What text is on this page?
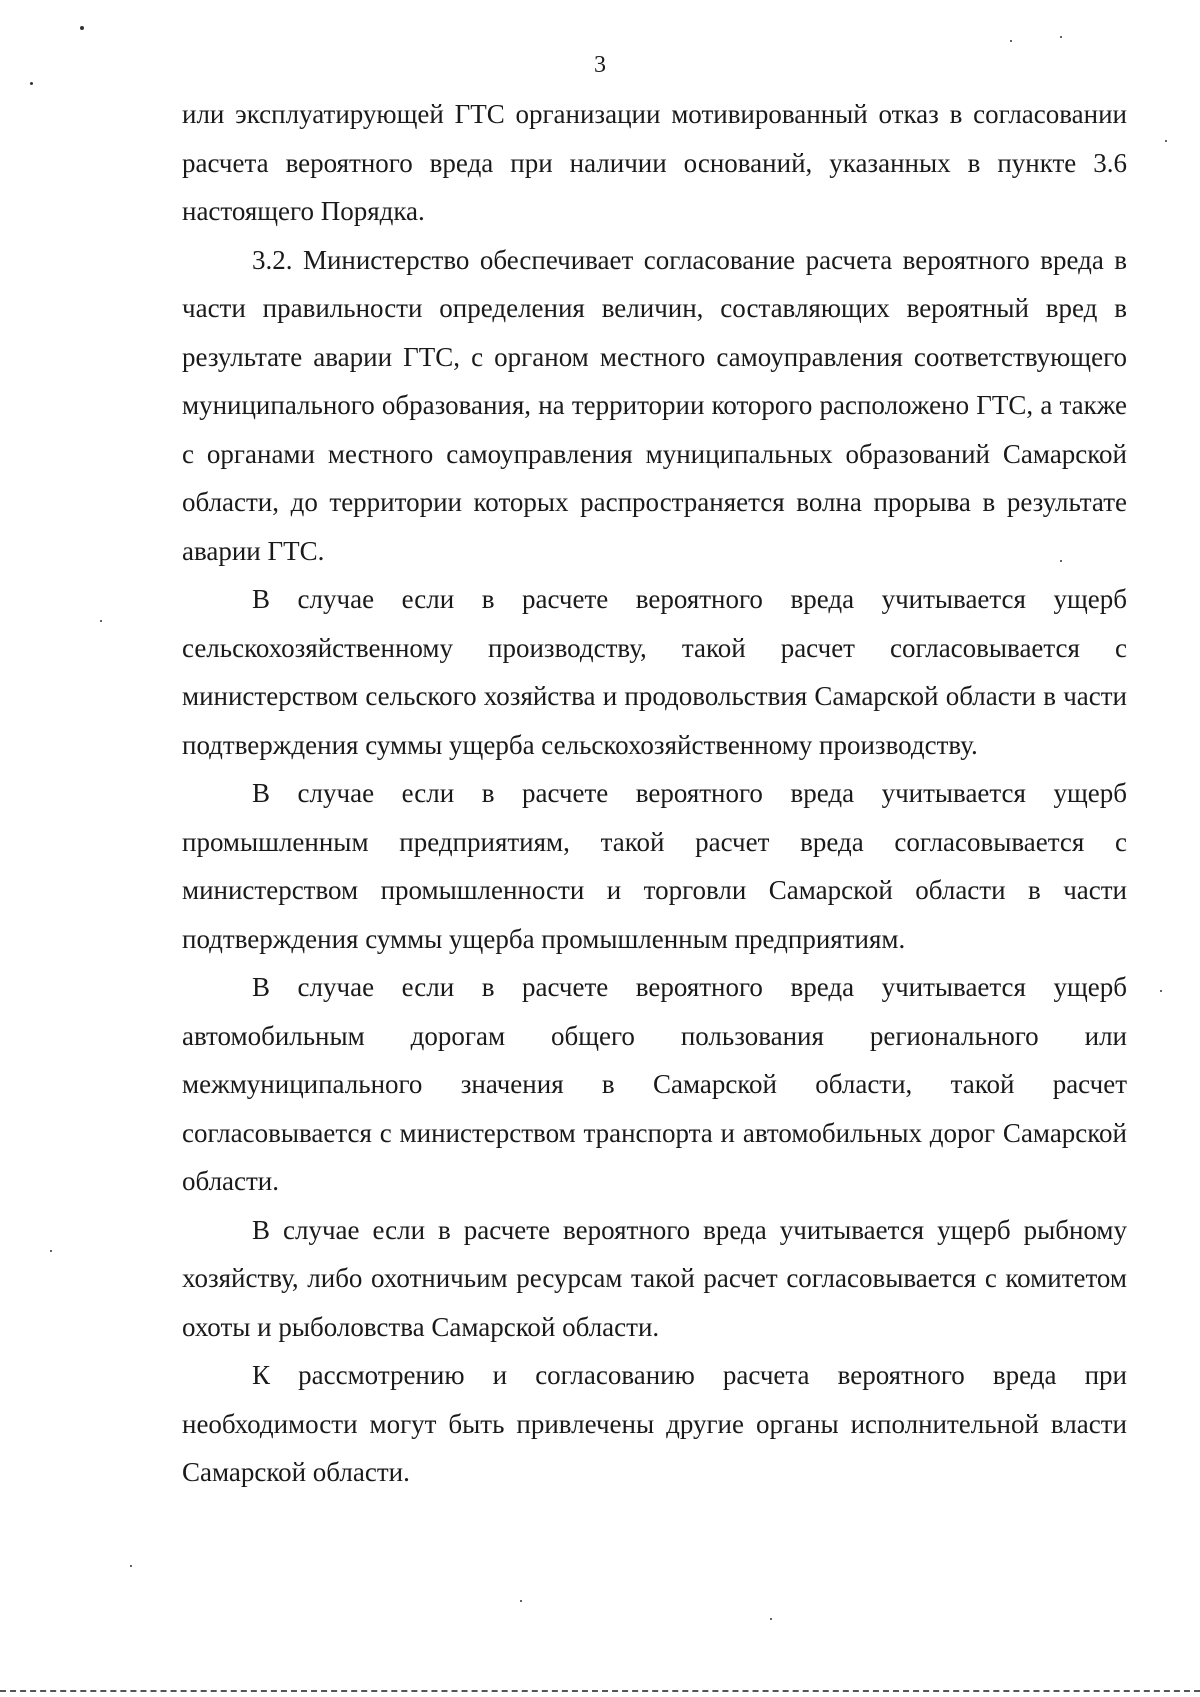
3

или эксплуатирующей ГТС организации мотивированный отказ в согласовании расчета вероятного вреда при наличии оснований, указанных в пункте 3.6 настоящего Порядка.

3.2. Министерство обеспечивает согласование расчета вероятного вреда в части правильности определения величин, составляющих вероятный вред в результате аварии ГТС, с органом местного самоуправления соответствующего муниципального образования, на территории которого расположено ГТС, а также с органами местного самоуправления муниципальных образований Самарской области, до территории которых распространяется волна прорыва в результате аварии ГТС.

В случае если в расчете вероятного вреда учитывается ущерб сельскохозяйственному производству, такой расчет согласовывается с министерством сельского хозяйства и продовольствия Самарской области в части подтверждения суммы ущерба сельскохозяйственному производству.

В случае если в расчете вероятного вреда учитывается ущерб промышленным предприятиям, такой расчет вреда согласовывается с министерством промышленности и торговли Самарской области в части подтверждения суммы ущерба промышленным предприятиям.

В случае если в расчете вероятного вреда учитывается ущерб автомобильным дорогам общего пользования регионального или межмуниципального значения в Самарской области, такой расчет согласовывается с министерством транспорта и автомобильных дорог Самарской области.

В случае если в расчете вероятного вреда учитывается ущерб рыбному хозяйству, либо охотничьим ресурсам такой расчет согласовывается с комитетом охоты и рыболовства Самарской области.

К рассмотрению и согласованию расчета вероятного вреда при необходимости могут быть привлечены другие органы исполнительной власти Самарской области.
